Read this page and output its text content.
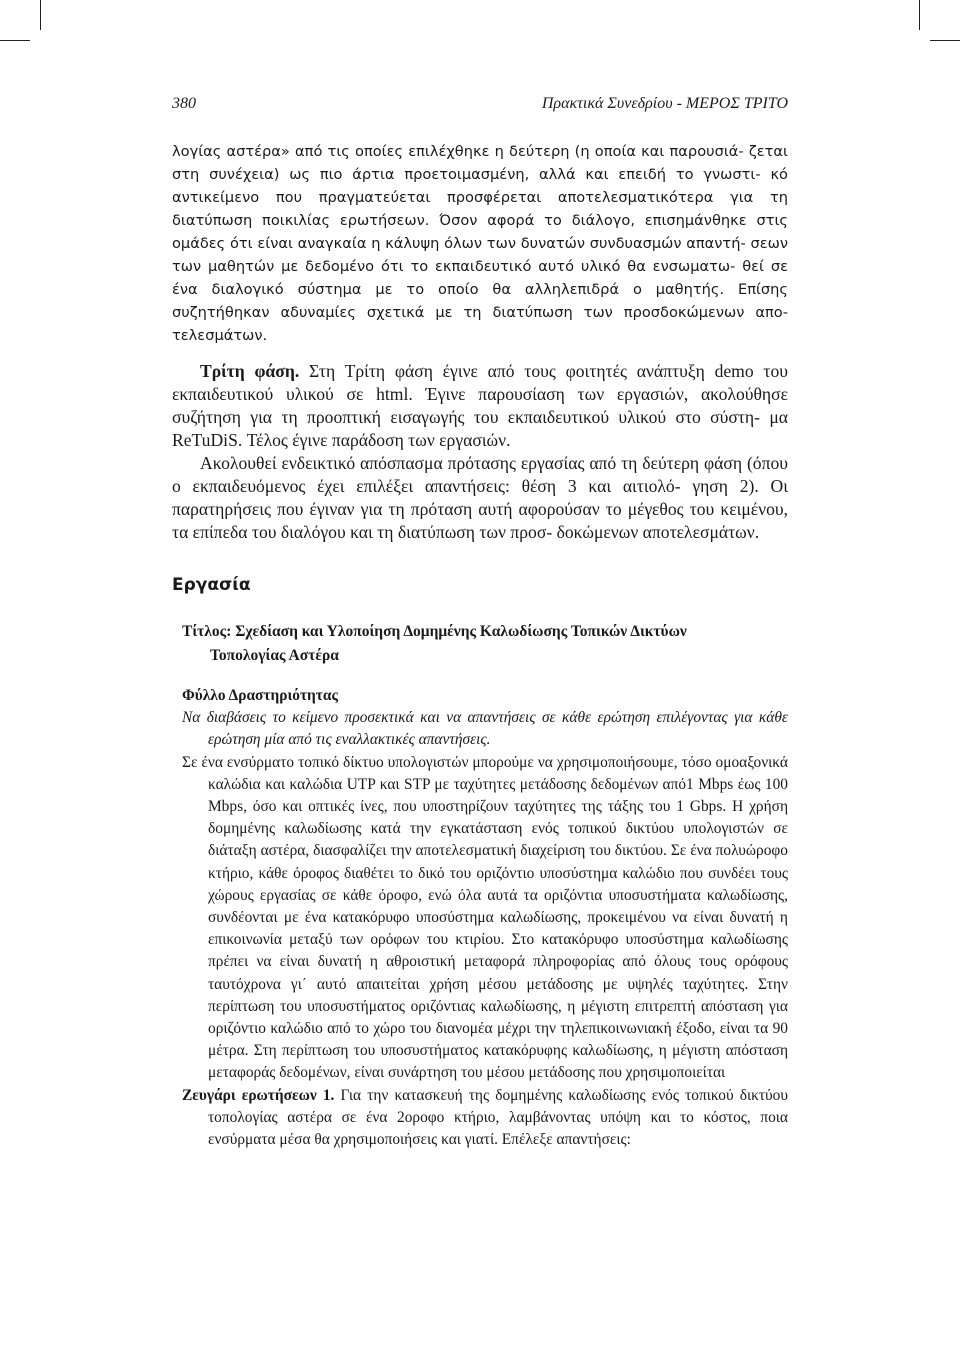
380	Πρακτικά Συνεδρίου - ΜΕΡΟΣ ΤΡΙΤΟ
λογίας αστέρα» από τις οποίες επιλέχθηκε η δεύτερη (η οποία και παρουσιά- ζεται στη συνέχεια) ως πιο άρτια προετοιμασμένη, αλλά και επειδή το γνωστι- κό αντικείμενο που πραγματεύεται προσφέρεται αποτελεσματικότερα για τη διατύπωση ποικιλίας ερωτήσεων. Όσον αφορά το διάλογο, επισημάνθηκε στις ομάδες ότι είναι αναγκαία η κάλυψη όλων των δυνατών συνδυασμών απαντή- σεων των μαθητών με δεδομένο ότι το εκπαιδευτικό αυτό υλικό θα ενσωματω- θεί σε ένα διαλογικό σύστημα με το οποίο θα αλληλεπιδρά ο μαθητής. Επίσης συζητήθηκαν αδυναμίες σχετικά με τη διατύπωση των προσδοκώμενων απο- τελεσμάτων.

Τρίτη φάση. Στη Τρίτη φάση έγινε από τους φοιτητές ανάπτυξη demo του εκπαιδευτικού υλικού σε html. Έγινε παρουσίαση των εργασιών, ακολούθησε συζήτηση για τη προοπτική εισαγωγής του εκπαιδευτικού υλικού στο σύστη- μα ReTuDiS. Τέλος έγινε παράδοση των εργασιών.

Ακολουθεί ενδεικτικό απόσπασμα πρότασης εργασίας από τη δεύτερη φάση (όπου ο εκπαιδευόμενος έχει επιλέξει απαντήσεις: θέση 3 και αιτιολό- γηση 2). Οι παρατηρήσεις που έγιναν για τη πρόταση αυτή αφορούσαν το μέγεθος του κειμένου, τα επίπεδα του διαλόγου και τη διατύπωση των προσ- δοκώμενων αποτελεσμάτων.

Εργασία
Τίτλος: Σχεδίαση και Υλοποίηση Δομημένης Καλωδίωσης Τοπικών Δικτύων
Τοπολογίας Αστέρα
Φύλλο Δραστηριότητας

Να διαβάσεις το κείμενο προσεκτικά και να απαντήσεις σε κάθε ερώτηση επιλέγοντας για κάθε ερώτηση μία από τις εναλλακτικές απαντήσεις.

Σε ένα ενσύρματο τοπικό δίκτυο υπολογιστών μπορούμε να χρησιμοποιήσουμε, τόσο ομοαξονικά καλώδια και καλώδια UTP και STP με ταχύτητες μετάδοσης δεδομένων από1 Mbps έως 100 Mbps, όσο και οπτικές ίνες, που υποστηρίζουν ταχύτητες της τάξης του 1 Gbps. Η χρήση δομημένης καλωδίωσης κατά την εγκατάσταση ενός τοπικού δικτύου υπολογιστών σε διάταξη αστέρα, διασφαλίζει την αποτελεσματική διαχείριση του δικτύου. Σε ένα πολυώροφο κτήριο, κάθε όροφος διαθέτει το δικό του οριζόντιο υποσύστημα καλώδιο που συνδέει τους χώρους εργασίας σε κάθε όροφο, ενώ όλα αυτά τα οριζόντια υποσυστήματα καλωδίωσης, συνδέονται με ένα κατακόρυφο υποσύστημα καλωδίωσης, προκειμένου να είναι δυνατή η επικοινωνία μεταξύ των ορόφων του κτιρίου. Στο κατακόρυφο υποσύστημα καλωδίωσης πρέπει να είναι δυνατή η αθροιστική μεταφορά πληροφορίας από όλους τους ορόφους ταυτόχρονα γι΄ αυτό απαιτείται χρήση μέσου μετάδοσης με υψηλές ταχύτητες. Στην περίπτωση του υποσυστήματος οριζόντιας καλωδίωσης, η μέγιστη επιτρεπτή απόσταση για οριζόντιο καλώδιο από το χώρο του διανομέα μέχρι την τηλεπικοινωνιακή έξοδο, είναι τα 90 μέτρα. Στη περίπτωση του υποσυστήματος κατακόρυφης καλωδίωσης, η μέγιστη απόσταση μεταφοράς δεδομένων, είναι συνάρτηση του μέσου μετάδοσης που χρησιμοποιείται

Ζευγάρι ερωτήσεων 1. Για την κατασκευή της δομημένης καλωδίωσης ενός τοπικού δικτύου τοπολογίας αστέρα σε ένα 2οροφο κτήριο, λαμβάνοντας υπόψη και το κόστος, ποια ενσύρματα μέσα θα χρησιμοποιήσεις και γιατί. Επέλεξε απαντήσεις:
